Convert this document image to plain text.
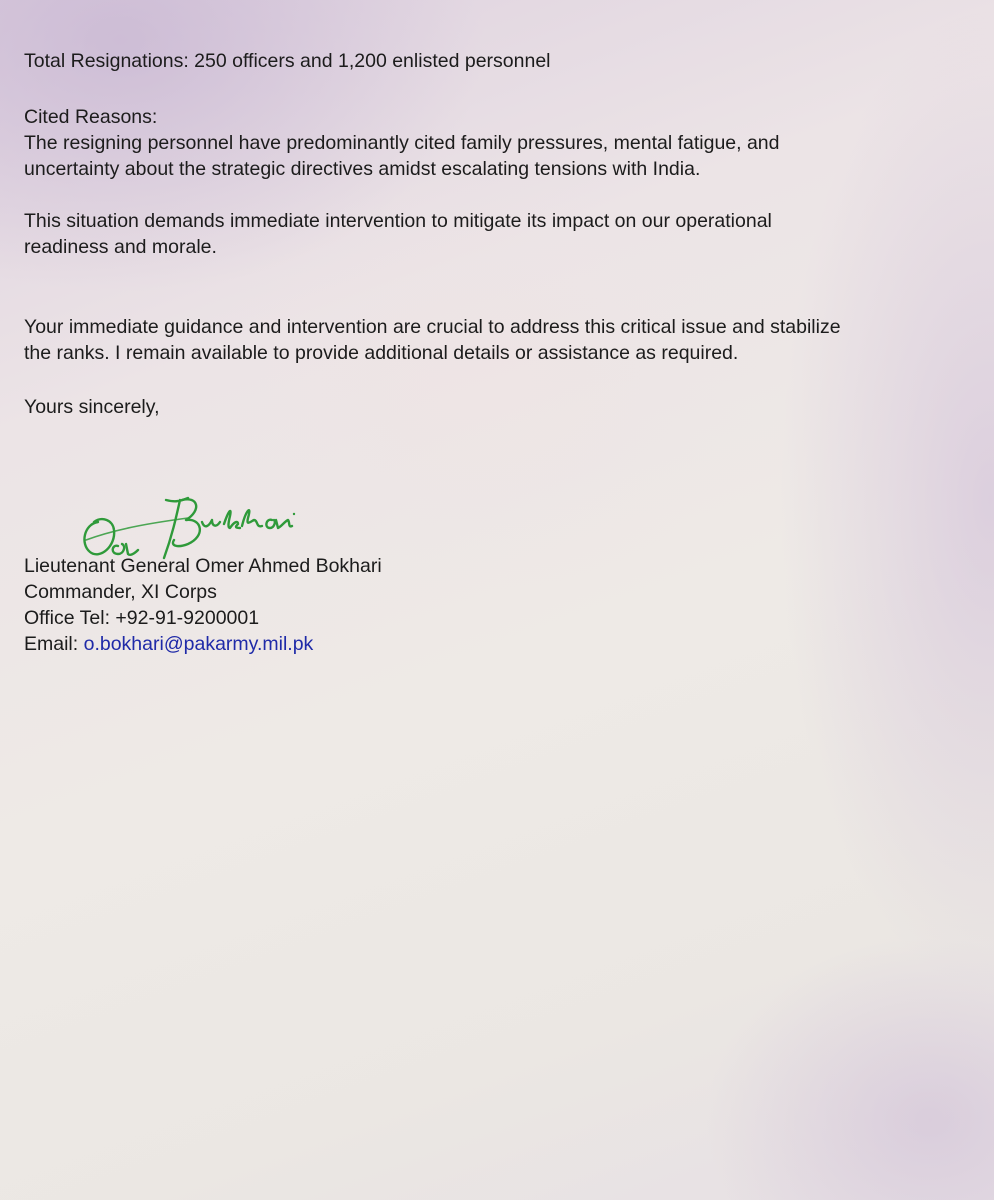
Total Resignations: 250 officers and 1,200 enlisted personnel

Cited Reasons:

The resigning personnel have predominantly cited family pressures, mental fatigue, and

uncertainty about the strategic directives amidst escalating tensions with India.

This situation demands immediate intervention to mitigate its impact on our operational

readiness and morale.

Your immediate guidance and intervention are crucial to address this critical issue and stabilize

the ranks. I remain available to provide additional details or assistance as required.

Yours sincerely,

Lieutenant General Omer Ahmed Bokhari
Commander, XI Corps
Office Tel: +92-91-9200001
Email: o.bokhari@pakarmy.mil.pk
